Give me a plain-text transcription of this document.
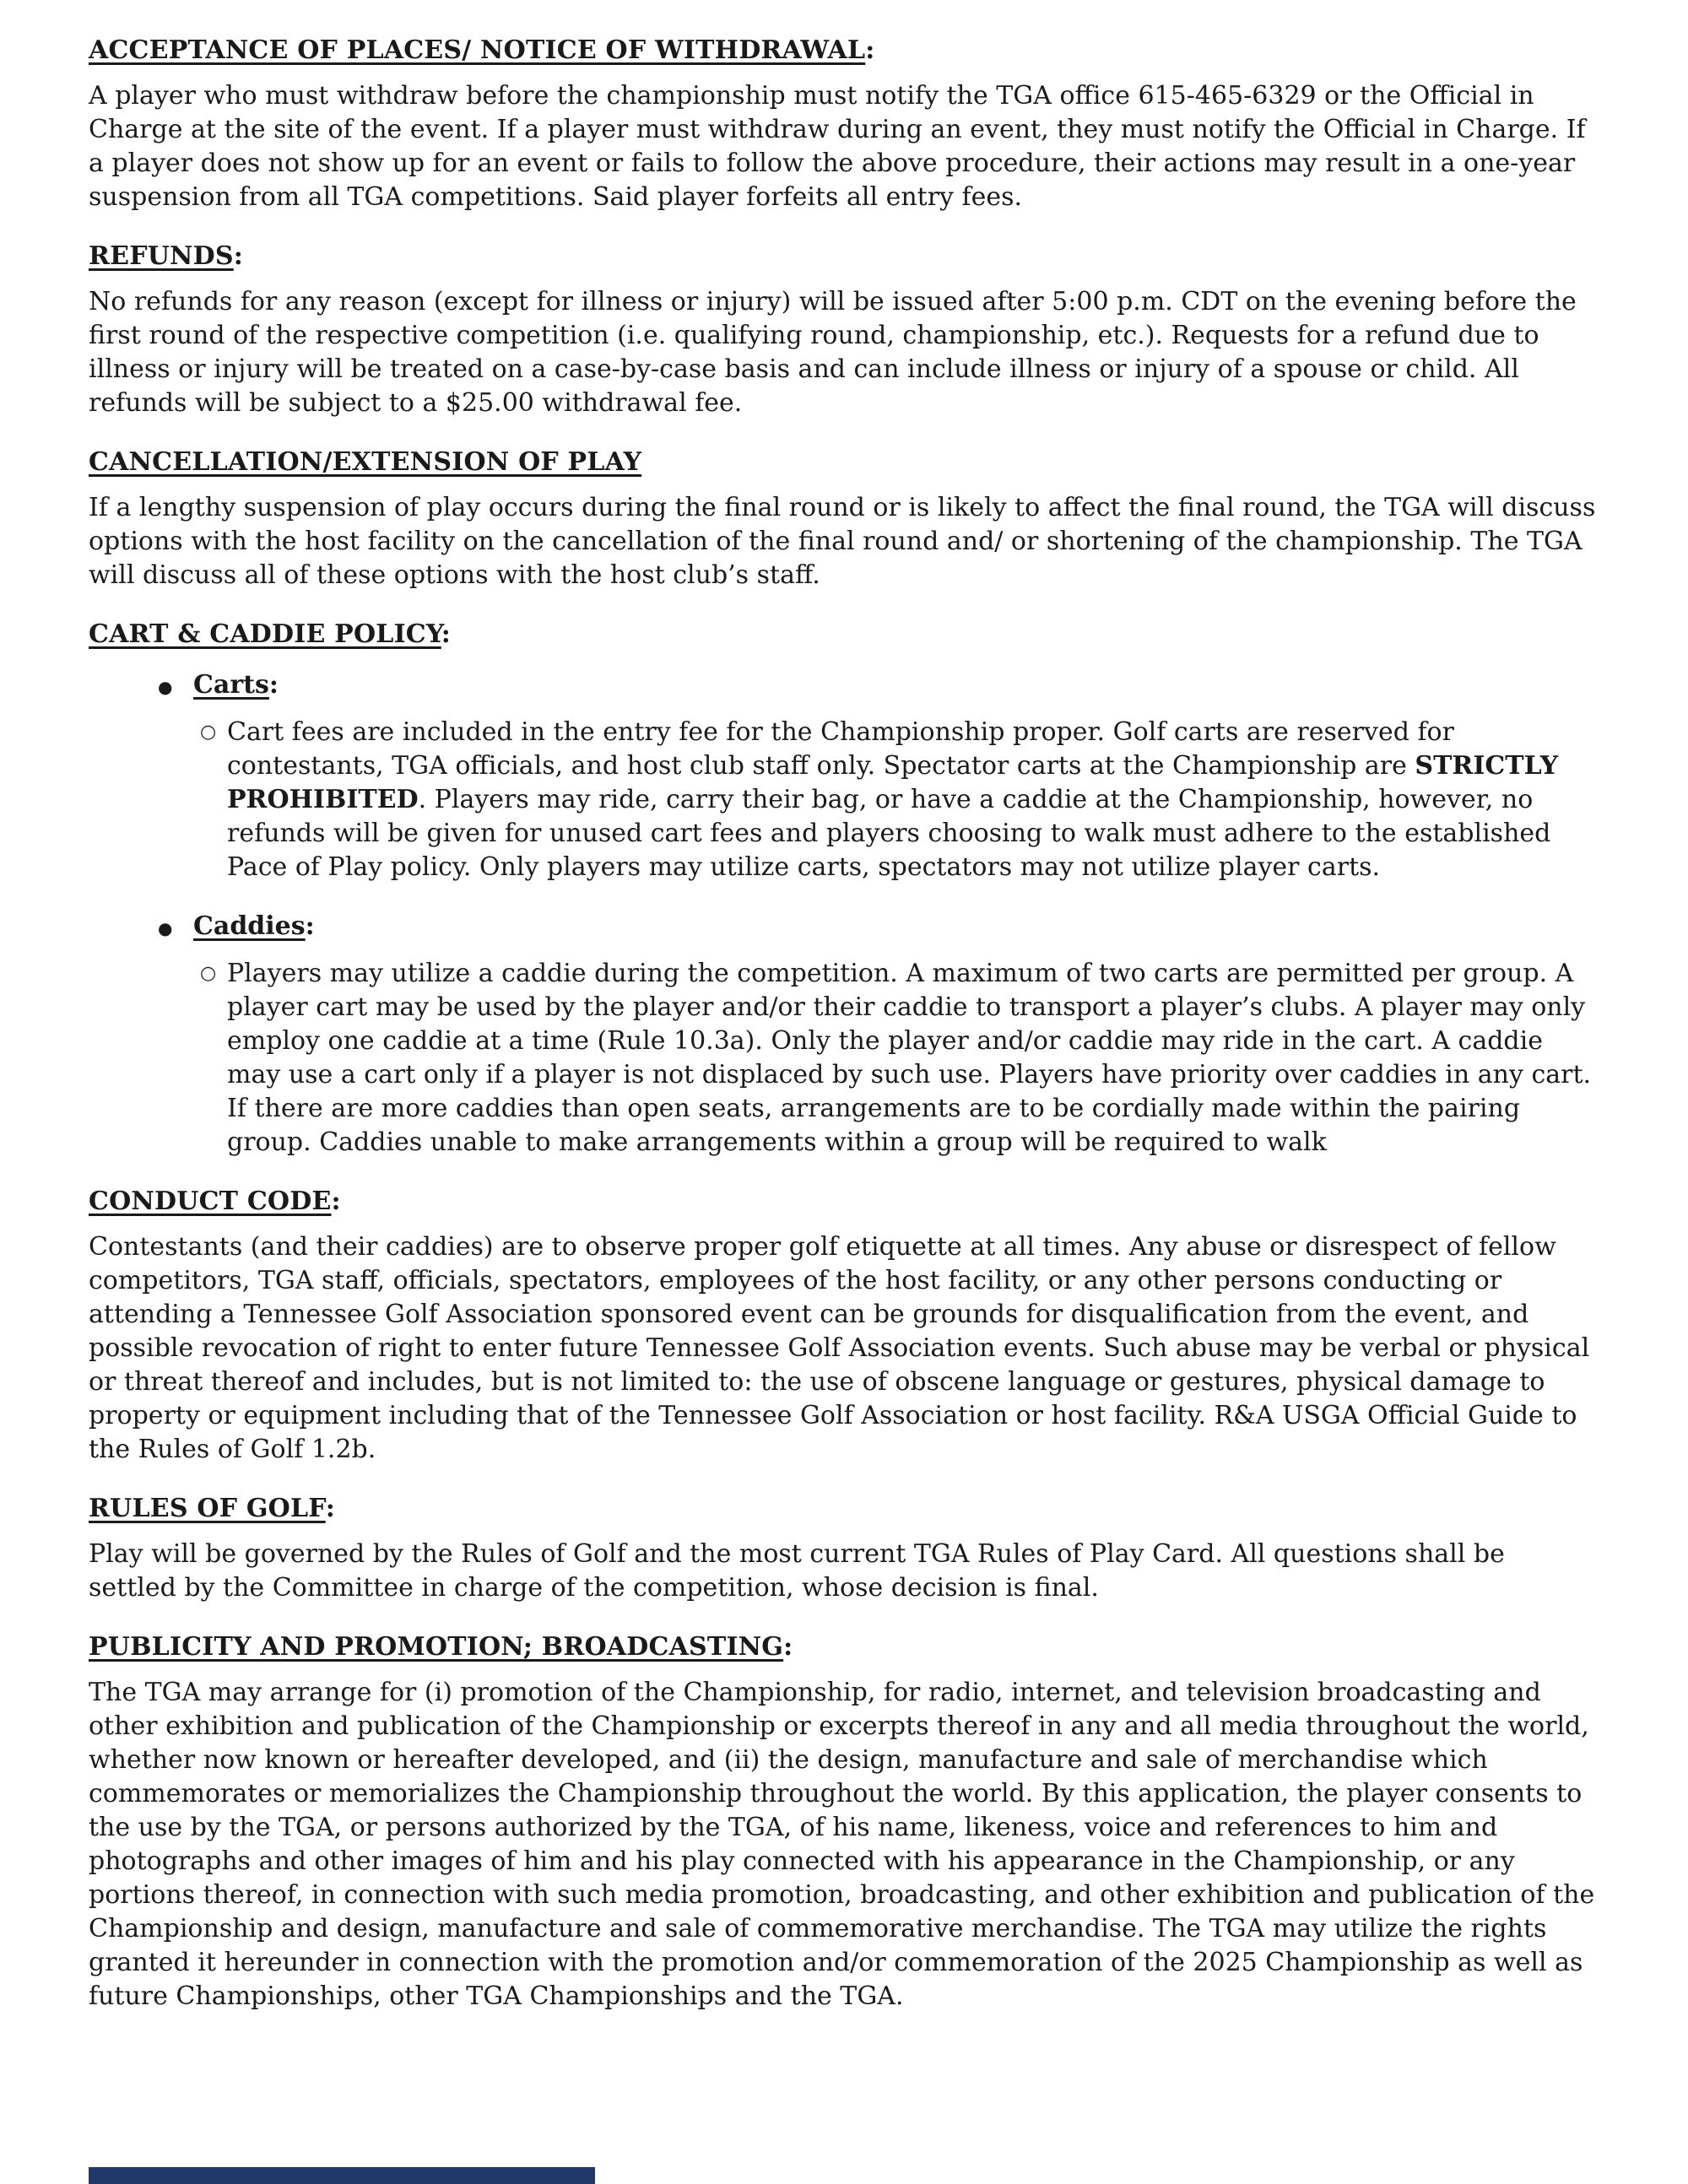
ACCEPTANCE OF PLACES/ NOTICE OF WITHDRAWAL:

A player who must withdraw before the championship must notify the TGA office 615-465-6329 or the Official in Charge at the site of the event. If a player must withdraw during an event, they must notify the Official in Charge. If a player does not show up for an event or fails to follow the above procedure, their actions may result in a one-year suspension from all TGA competitions. Said player forfeits all entry fees.

REFUNDS:

No refunds for any reason (except for illness or injury) will be issued after 5:00 p.m. CDT on the evening before the first round of the respective competition (i.e. qualifying round, championship, etc.). Requests for a refund due to illness or injury will be treated on a case-by-case basis and can include illness or injury of a spouse or child. All refunds will be subject to a $25.00 withdrawal fee.

CANCELLATION/EXTENSION OF PLAY

If a lengthy suspension of play occurs during the final round or is likely to affect the final round, the TGA will discuss options with the host facility on the cancellation of the final round and/ or shortening of the championship. The TGA will discuss all of these options with the host club’s staff.

CART & CADDIE POLICY:
● Carts:
○ Cart fees are included in the entry fee for the Championship proper. Golf carts are reserved for contestants, TGA officials, and host club staff only. Spectator carts at the Championship are STRICTLY PROHIBITED. Players may ride, carry their bag, or have a caddie at the Championship, however, no refunds will be given for unused cart fees and players choosing to walk must adhere to the established Pace of Play policy. Only players may utilize carts, spectators may not utilize player carts.
● Caddies:
○ Players may utilize a caddie during the competition. A maximum of two carts are permitted per group. A player cart may be used by the player and/or their caddie to transport a player’s clubs. A player may only employ one caddie at a time (Rule 10.3a). Only the player and/or caddie may ride in the cart. A caddie may use a cart only if a player is not displaced by such use. Players have priority over caddies in any cart. If there are more caddies than open seats, arrangements are to be cordially made within the pairing group. Caddies unable to make arrangements within a group will be required to walk
CONDUCT CODE:

Contestants (and their caddies) are to observe proper golf etiquette at all times. Any abuse or disrespect of fellow competitors, TGA staff, officials, spectators, employees of the host facility, or any other persons conducting or attending a Tennessee Golf Association sponsored event can be grounds for disqualification from the event, and possible revocation of right to enter future Tennessee Golf Association events. Such abuse may be verbal or physical or threat thereof and includes, but is not limited to: the use of obscene language or gestures, physical damage to property or equipment including that of the Tennessee Golf Association or host facility. R&A USGA Official Guide to the Rules of Golf 1.2b.

RULES OF GOLF:

Play will be governed by the Rules of Golf and the most current TGA Rules of Play Card. All questions shall be settled by the Committee in charge of the competition, whose decision is final.

PUBLICITY AND PROMOTION; BROADCASTING:

The TGA may arrange for (i) promotion of the Championship, for radio, internet, and television broadcasting and other exhibition and publication of the Championship or excerpts thereof in any and all media throughout the world, whether now known or hereafter developed, and (ii) the design, manufacture and sale of merchandise which commemorates or memorializes the Championship throughout the world. By this application, the player consents to the use by the TGA, or persons authorized by the TGA, of his name, likeness, voice and references to him and photographs and other images of him and his play connected with his appearance in the Championship, or any portions thereof, in connection with such media promotion, broadcasting, and other exhibition and publication of the Championship and design, manufacture and sale of commemorative merchandise. The TGA may utilize the rights granted it hereunder in connection with the promotion and/or commemoration of the 2025 Championship as well as future Championships, other TGA Championships and the TGA.
